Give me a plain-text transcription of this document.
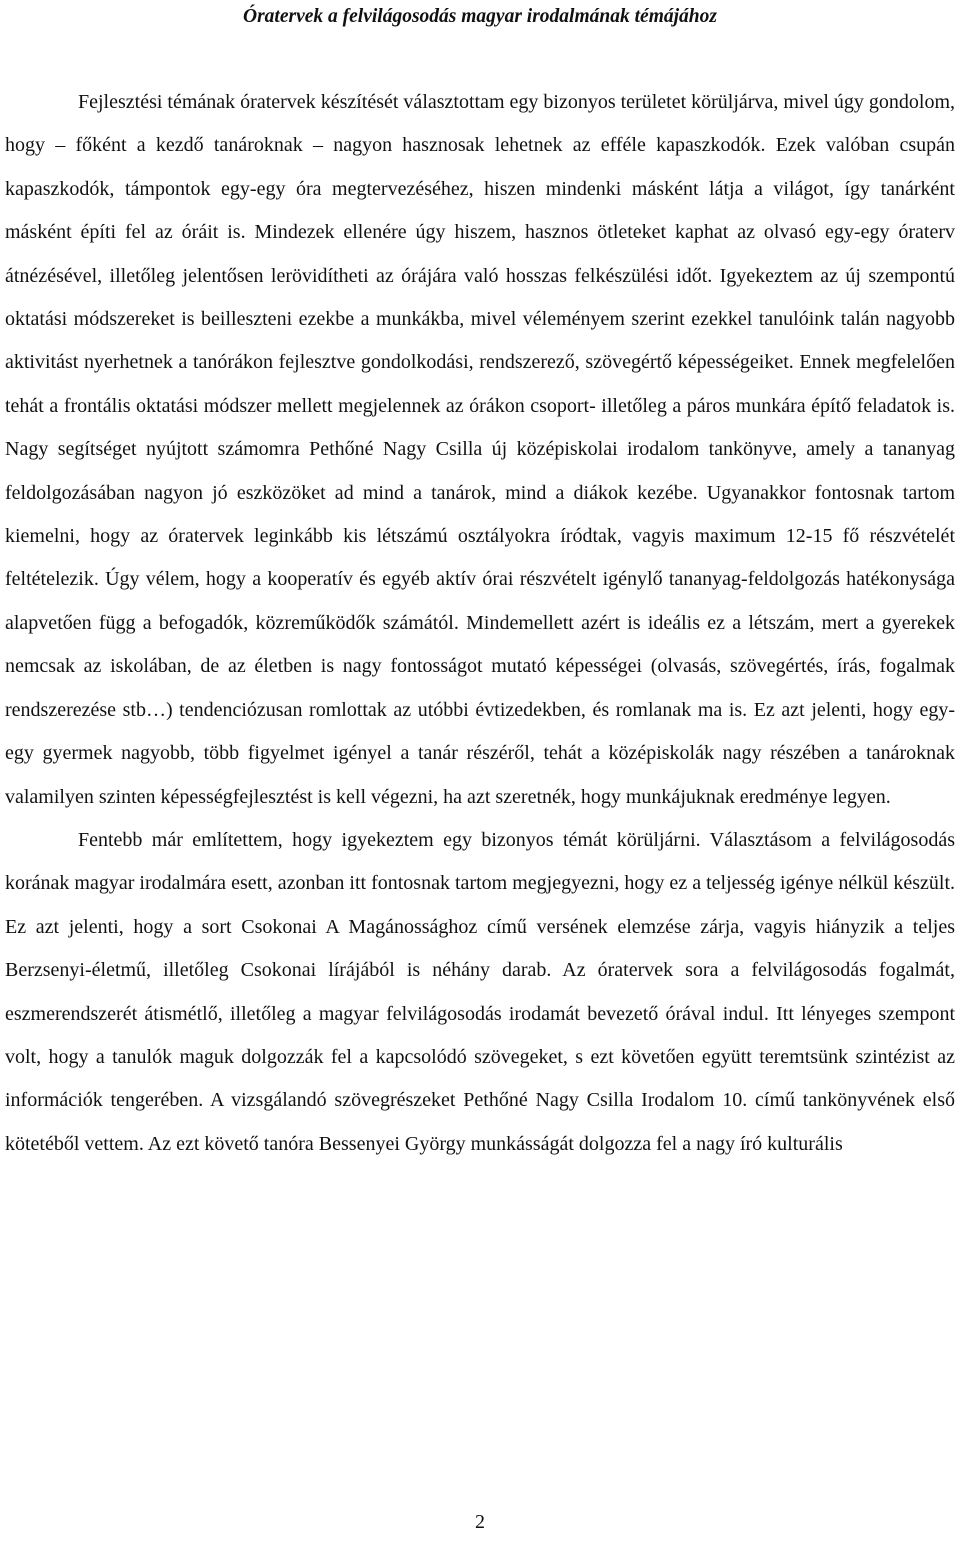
Óratervek a felvilágosodás magyar irodalmának témájához

Fejlesztési témának óratervek készítését választottam egy bizonyos területet körüljárva, mivel úgy gondolom, hogy – főként a kezdő tanároknak – nagyon hasznosak lehetnek az efféle kapaszkodók. Ezek valóban csupán kapaszkodók, támpontok egy-egy óra megtervezéséhez, hiszen mindenki másként látja a világot, így tanárként másként építi fel az óráit is. Mindezek ellenére úgy hiszem, hasznos ötleteket kaphat az olvasó egy-egy óraterv átnézésével, illetőleg jelentősen lerövidítheti az órájára való hosszas felkészülési időt. Igyekeztem az új szempontú oktatási módszereket is beilleszteni ezekbe a munkákba, mivel véleményem szerint ezekkel tanulóink talán nagyobb aktivitást nyerhetnek a tanórákon fejlesztve gondolkodási, rendszerező, szövegértő képességeiket. Ennek megfelelően tehát a frontális oktatási módszer mellett megjelennek az órákon csoport- illetőleg a páros munkára építő feladatok is. Nagy segítséget nyújtott számomra Pethőné Nagy Csilla új középiskolai irodalom tankönyve, amely a tananyag feldolgozásában nagyon jó eszközöket ad mind a tanárok, mind a diákok kezébe. Ugyanakkor fontosnak tartom kiemelni, hogy az óratervek leginkább kis létszámú osztályokra íródtak, vagyis maximum 12-15 fő részvételét feltételezik. Úgy vélem, hogy a kooperatív és egyéb aktív órai részvételt igénylő tananyag-feldolgozás hatékonysága alapvetően függ a befogadók, közreműködők számától. Mindemellett azért is ideális ez a létszám, mert a gyerekek nemcsak az iskolában, de az életben is nagy fontosságot mutató képességei (olvasás, szövegértés, írás, fogalmak rendszerezése stb…) tendenciózusan romlottak az utóbbi évtizedekben, és romlanak ma is. Ez azt jelenti, hogy egy-egy gyermek nagyobb, több figyelmet igényel a tanár részéről, tehát a középiskolák nagy részében a tanároknak valamilyen szinten képességfejlesztést is kell végezni, ha azt szeretnék, hogy munkájuknak eredménye legyen.

Fentebb már említettem, hogy igyekeztem egy bizonyos témát körüljárni. Választásom a felvilágosodás korának magyar irodalmára esett, azonban itt fontosnak tartom megjegyezni, hogy ez a teljesség igénye nélkül készült. Ez azt jelenti, hogy a sort Csokonai A Magánossághoz című versének elemzése zárja, vagyis hiányzik a teljes Berzsenyi-életmű, illetőleg Csokonai lírájából is néhány darab. Az óratervek sora a felvilágosodás fogalmát, eszmerendszerét átismétlő, illetőleg a magyar felvilágosodás irodamát bevezető órával indul. Itt lényeges szempont volt, hogy a tanulók maguk dolgozzák fel a kapcsolódó szövegeket, s ezt követően együtt teremtsünk szintézist az információk tengerében. A vizsgálandó szövegrészeket Pethőné Nagy Csilla Irodalom 10. című tankönyvének első kötetéből vettem. Az ezt követő tanóra Bessenyei György munkásságát dolgozza fel a nagy író kulturális

2
